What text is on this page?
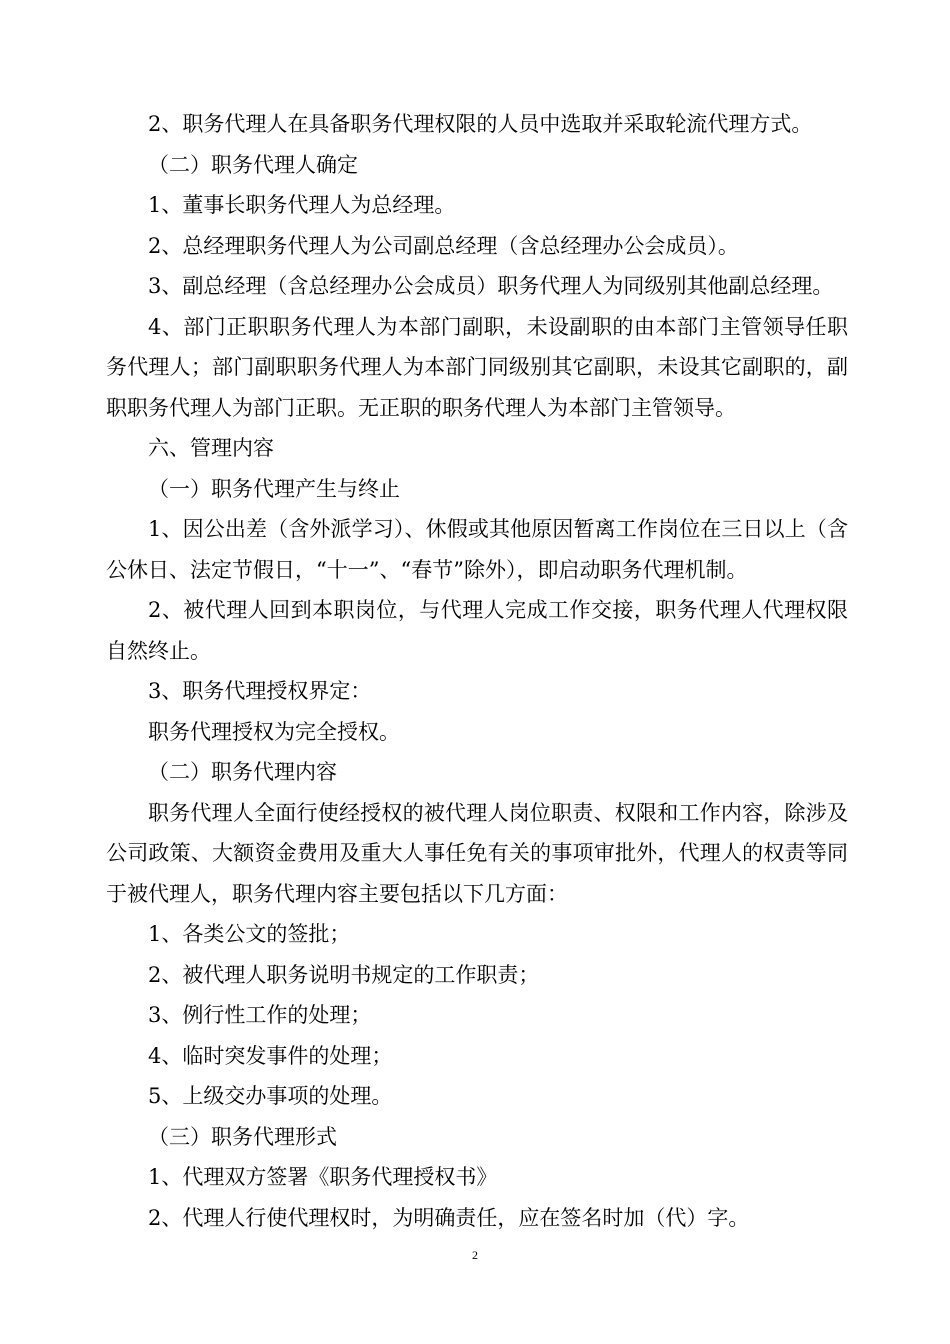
2、职务代理人在具备职务代理权限的人员中选取并采取轮流代理方式。

（二）职务代理人确定

1、董事长职务代理人为总经理。

2、总经理职务代理人为公司副总经理（含总经理办公会成员）。

3、副总经理（含总经理办公会成员）职务代理人为同级别其他副总经理。

4、部门正职职务代理人为本部门副职，未设副职的由本部门主管领导任职务代理人；部门副职职务代理人为本部门同级别其它副职，未设其它副职的，副职职务代理人为部门正职。无正职的职务代理人为本部门主管领导。

六、管理内容

（一）职务代理产生与终止

1、因公出差（含外派学习）、休假或其他原因暂离工作岗位在三日以上（含公休日、法定节假日，“十一”、“春节”除外），即启动职务代理机制。

2、被代理人回到本职岗位，与代理人完成工作交接，职务代理人代理权限自然终止。

3、职务代理授权界定：

职务代理授权为完全授权。

（二）职务代理内容

职务代理人全面行使经授权的被代理人岗位职责、权限和工作内容，除涉及公司政策、大额资金费用及重大人事任免有关的事项审批外，代理人的权责等同于被代理人，职务代理内容主要包括以下几方面：

1、各类公文的签批；

2、被代理人职务说明书规定的工作职责；

3、例行性工作的处理；

4、临时突发事件的处理；

5、上级交办事项的处理。

（三）职务代理形式

1、代理双方签署《职务代理授权书》

2、代理人行使代理权时，为明确责任，应在签名时加（代）字。

2
